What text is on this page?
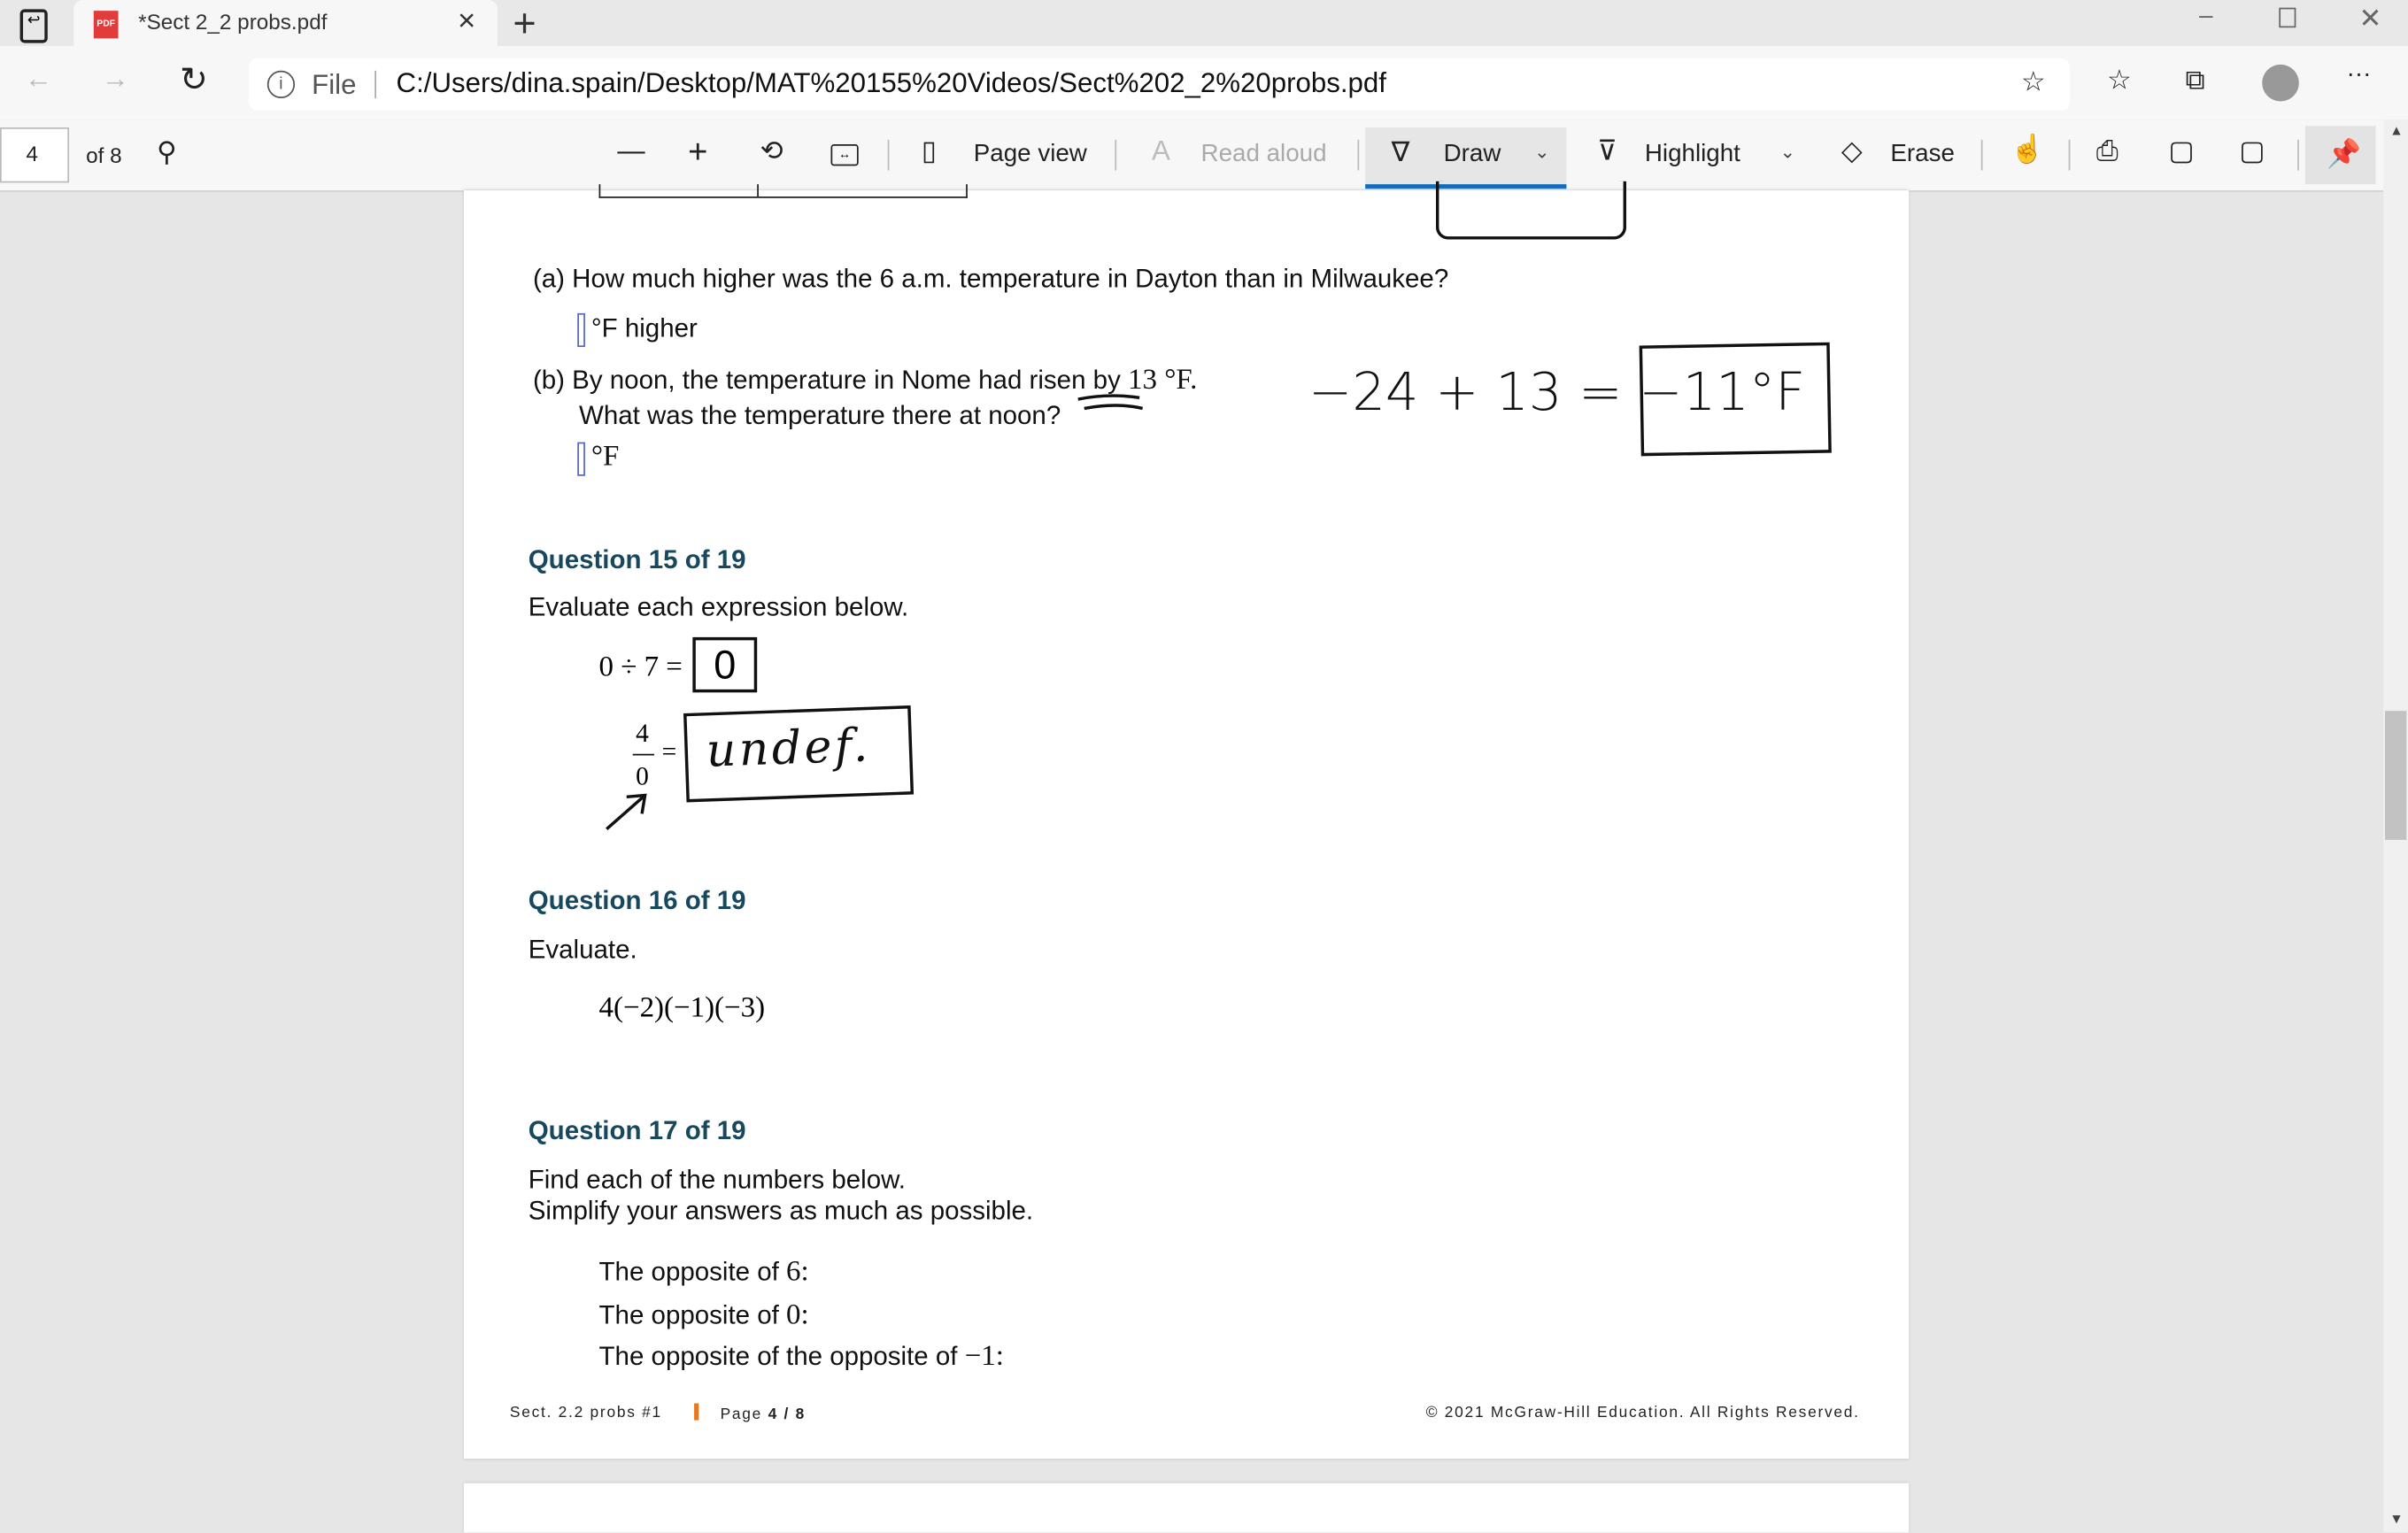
↩	PDF *Sect 2_2 probs.pdf	× +	–	✕
←	→	↻	i	File	C:/Users/dina.spain/Desktop/MAT%20155%20Videos/Sect%202_2%20probs.pdf	☆	☆	⧉	···
4	of 8 ⚲	— +	⟲	↔	▯	Page view	A Read aloud	∇ Draw	⌄	⊽ Highlight	⌄	◇ Erase	☝	⎙	▢	▢	📌
(a) How much higher was the 6 a.m. temperature in Dayton than in Milwaukee?
°F higher
(b) By noon, the temperature in Nome had risen by 13 °F.
What was the temperature there at noon?
°F
−24 + 13 = −11°F
Question 15 of 19
Evaluate each expression below.
0 ÷ 7 =	0
4
0
= undef.
Question 16 of 19
Evaluate.
4(−2)(−1)(−3)
Question 17 of 19
Find each of the numbers below.
Simplify your answers as much as possible.
The opposite of 6:
The opposite of 0:
The opposite of the opposite of −1:
Sect. 2.2 probs #1	Page 4 / 8	© 2021 McGraw-Hill Education. All Rights Reserved.
▲
▼
